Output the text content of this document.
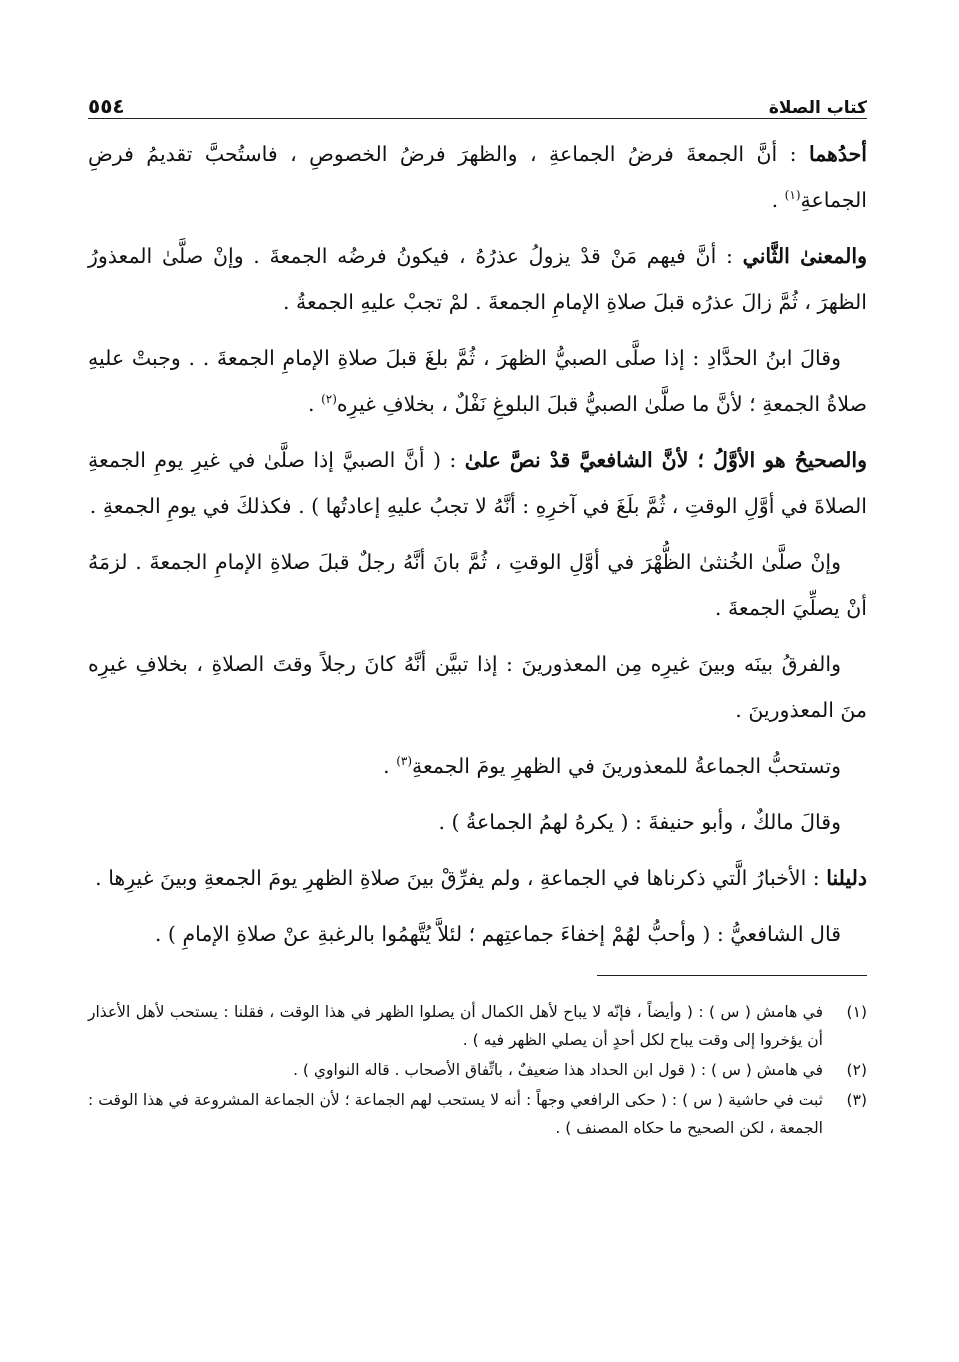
كتاب الصلاة
٥٥٤

أحدُهما : أنَّ الجمعةَ فرضُ الجماعةِ ، والظهرَ فرضُ الخصوصِ ، فاستُحبَّ تقديمُ فرضِ الجماعةِ$^{(١)}$ .

والمعنىٰ الثَّاني : أنَّ فيهم مَنْ قدْ يزولُ عذرُهُ ، فيكونُ فرضُه الجمعةَ . وإنْ صلَّىٰ المعذورُ الظهرَ ، ثُمَّ زالَ عذرُه قبلَ صلاةِ الإمامِ الجمعةَ . لمْ تجبْ عليهِ الجمعةُ .

وقالَ ابنُ الحدَّادِ : إذا صلَّى الصبيُّ الظهرَ ، ثُمَّ بلغَ قبلَ صلاةِ الإمامِ الجمعةَ . . وجبتْ عليهِ صلاةُ الجمعةِ ؛ لأنَّ ما صلَّىٰ الصبيُّ قبلَ البلوغِ نَفْلٌ ، بخلافِ غيرِه$^{(٢)}$ .

والصحيحُ هو الأوَّلُ ؛ لأنَّ الشافعيَّ قدْ نصَّ علىٰ : ( أنَّ الصبيَّ إذا صلَّىٰ في غيرِ يومِ الجمعةِ الصلاةَ في أوَّلِ الوقتِ ، ثُمَّ بلَغَ في آخرِهِ : أنَّهُ لا تجبُ عليهِ إعادتُها ) . فكذلكَ في يومِ الجمعةِ .

وإنْ صلَّىٰ الخُنثىٰ الظُّهْرَ في أوَّلِ الوقتِ ، ثُمَّ بانَ أنَّهُ رجلٌ قبلَ صلاةِ الإمامِ الجمعةَ . لزمَهُ أنْ يصلِّيَ الجمعةَ .

والفرقُ بينَه وبينَ غيرِه مِن المعذورينَ : إذا تبيَّن أنَّهُ كانَ رجلاً وقتَ الصلاةِ ، بخلافِ غيرِه منَ المعذورينَ .

وتستحبُّ الجماعةُ للمعذورينَ في الظهرِ يومَ الجمعةِ$^{(٣)}$ .

وقالَ مالكٌ ، وأبو حنيفةَ : ( يكرهُ لهمُ الجماعةُ ) .

دليلنا : الأخبارُ الَّتي ذكرناها في الجماعةِ ، ولم يفرِّقْ بينَ صلاةِ الظهرِ يومَ الجمعةِ وبينَ غيرِها .

قال الشافعيُّ : ( وأحبُّ لهُمْ إخفاءَ جماعتِهم ؛ لئلاَّ يُتَّهمُوا بالرغبةِ عنْ صلاةِ الإمامِ ) .

(١)
في هامش ( س ) : ( وأيضاً ، فإنّه لا يباح لأهل الكمال أن يصلوا الظهر في هذا الوقت ، فقلنا : يستحب لأهل الأعذار أن يؤخروا إلى وقت يباح لكل أحدٍ أن يصلي الظهر فيه ) .
(٢)
في هامش ( س ) : ( قول ابن الحداد هذا ضعيفٌ ، باتِّفاق الأصحاب . قاله النواوي ) .
(٣)
ثبت في حاشية ( س ) : ( حكى الرافعي وجهاً : أنه لا يستحب لهم الجماعة ؛ لأن الجماعة المشروعة في هذا الوقت : الجمعة ، لكن الصحيح ما حكاه المصنف ) .
